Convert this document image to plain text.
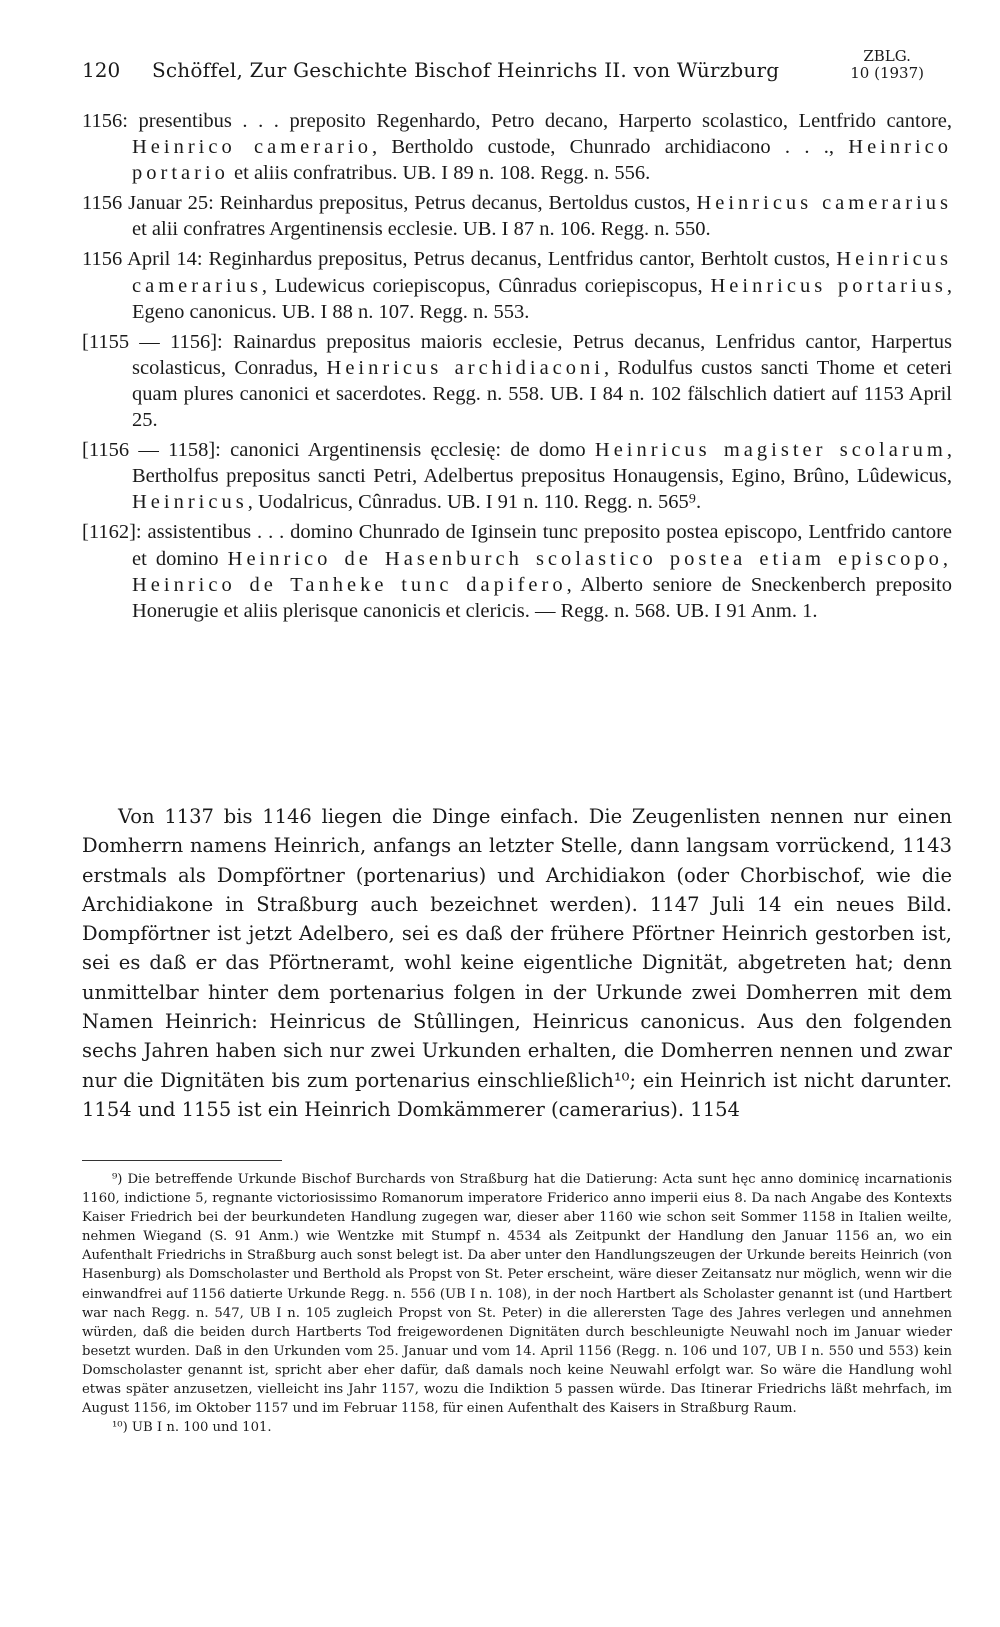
120 Schöffel, Zur Geschichte Bischof Heinrichs II. von Würzburg
ZBLG.
10 (1937)
1156: presentibus . . . preposito Regenhardo, Petro decano, Harperto scolastico, Lentfrido cantore, Heinrico camerario, Bertholdo custode, Chunrado archidiacono . . ., Heinrico portario et aliis confratribus. UB. I 89 n. 108. Regg. n. 556.
1156 Januar 25: Reinhardus prepositus, Petrus decanus, Bertoldus custos, Heinricus camerarius et alii confratres Argentinensis ecclesie. UB. I 87 n. 106. Regg. n. 550.
1156 April 14: Reginhardus prepositus, Petrus decanus, Lentfridus cantor, Berhtolt custos, Heinricus camerarius, Ludewicus coriepiscopus, Cûnradus coriepiscopus, Heinricus portarius, Egeno canonicus. UB. I 88 n. 107. Regg. n. 553.
[1155 — 1156]: Rainardus prepositus maioris ecclesie, Petrus decanus, Lenfridus cantor, Harpertus scolasticus, Conradus, Heinricus archidiaconi, Rodulfus custos sancti Thome et ceteri quam plures canonici et sacerdotes. Regg. n. 558. UB. I 84 n. 102 fälschlich datiert auf 1153 April 25.
[1156 — 1158]: canonici Argentinensis ęcclesię: de domo Heinricus magister scolarum, Bertholfus prepositus sancti Petri, Adelbertus prepositus Honaugensis, Egino, Brûno, Lûdewicus, Heinricus, Uodalricus, Cûnradus. UB. I 91 n. 110. Regg. n. 565⁹.
[1162]: assistentibus . . . domino Chunrado de Iginsein tunc preposito postea episcopo, Lentfrido cantore et domino Heinrico de Hasenburch scolastico postea etiam episcopo, Heinrico de Tanheke tunc dapifero, Alberto seniore de Sneckenberch preposito Honerugie et aliis plerisque canonicis et clericis. — Regg. n. 568. UB. I 91 Anm. 1.

Von 1137 bis 1146 liegen die Dinge einfach. Die Zeugenlisten nennen nur einen Domherrn namens Heinrich, anfangs an letzter Stelle, dann langsam vorrückend, 1143 erstmals als Dompförtner (portenarius) und Archidiakon (oder Chorbischof, wie die Archidiakone in Straßburg auch bezeichnet werden). 1147 Juli 14 ein neues Bild. Dompförtner ist jetzt Adelbero, sei es daß der frühere Pförtner Heinrich gestorben ist, sei es daß er das Pförtneramt, wohl keine eigentliche Dignität, abgetreten hat; denn unmittelbar hinter dem portenarius folgen in der Urkunde zwei Domherren mit dem Namen Heinrich: Heinricus de Stûllingen, Heinricus canonicus. Aus den folgenden sechs Jahren haben sich nur zwei Urkunden erhalten, die Domherren nennen und zwar nur die Dignitäten bis zum portenarius einschließlich¹⁰; ein Heinrich ist nicht darunter. 1154 und 1155 ist ein Heinrich Domkämmerer (camerarius). 1154

⁹) Die betreffende Urkunde Bischof Burchards von Straßburg hat die Datierung: Acta sunt hęc anno dominicę incarnationis 1160, indictione 5, regnante victoriosissimo Romanorum imperatore Friderico anno imperii eius 8. Da nach Angabe des Kontexts Kaiser Friedrich bei der beurkundeten Handlung zugegen war, dieser aber 1160 wie schon seit Sommer 1158 in Italien weilte, nehmen Wiegand (S. 91 Anm.) wie Wentzke mit Stumpf n. 4534 als Zeitpunkt der Handlung den Januar 1156 an, wo ein Aufenthalt Friedrichs in Straßburg auch sonst belegt ist. Da aber unter den Handlungszeugen der Urkunde bereits Heinrich (von Hasenburg) als Domscholaster und Berthold als Propst von St. Peter erscheint, wäre dieser Zeitansatz nur möglich, wenn wir die einwandfrei auf 1156 datierte Urkunde Regg. n. 556 (UB I n. 108), in der noch Hartbert als Scholaster genannt ist (und Hartbert war nach Regg. n. 547, UB I n. 105 zugleich Propst von St. Peter) in die allerersten Tage des Jahres verlegen und annehmen würden, daß die beiden durch Hartberts Tod freigewordenen Dignitäten durch beschleunigte Neuwahl noch im Januar wieder besetzt wurden. Daß in den Urkunden vom 25. Januar und vom 14. April 1156 (Regg. n. 106 und 107, UB I n. 550 und 553) kein Domscholaster genannt ist, spricht aber eher dafür, daß damals noch keine Neuwahl erfolgt war. So wäre die Handlung wohl etwas später anzusetzen, vielleicht ins Jahr 1157, wozu die Indiktion 5 passen würde. Das Itinerar Friedrichs läßt mehrfach, im August 1156, im Oktober 1157 und im Februar 1158, für einen Aufenthalt des Kaisers in Straßburg Raum.

¹⁰) UB I n. 100 und 101.
